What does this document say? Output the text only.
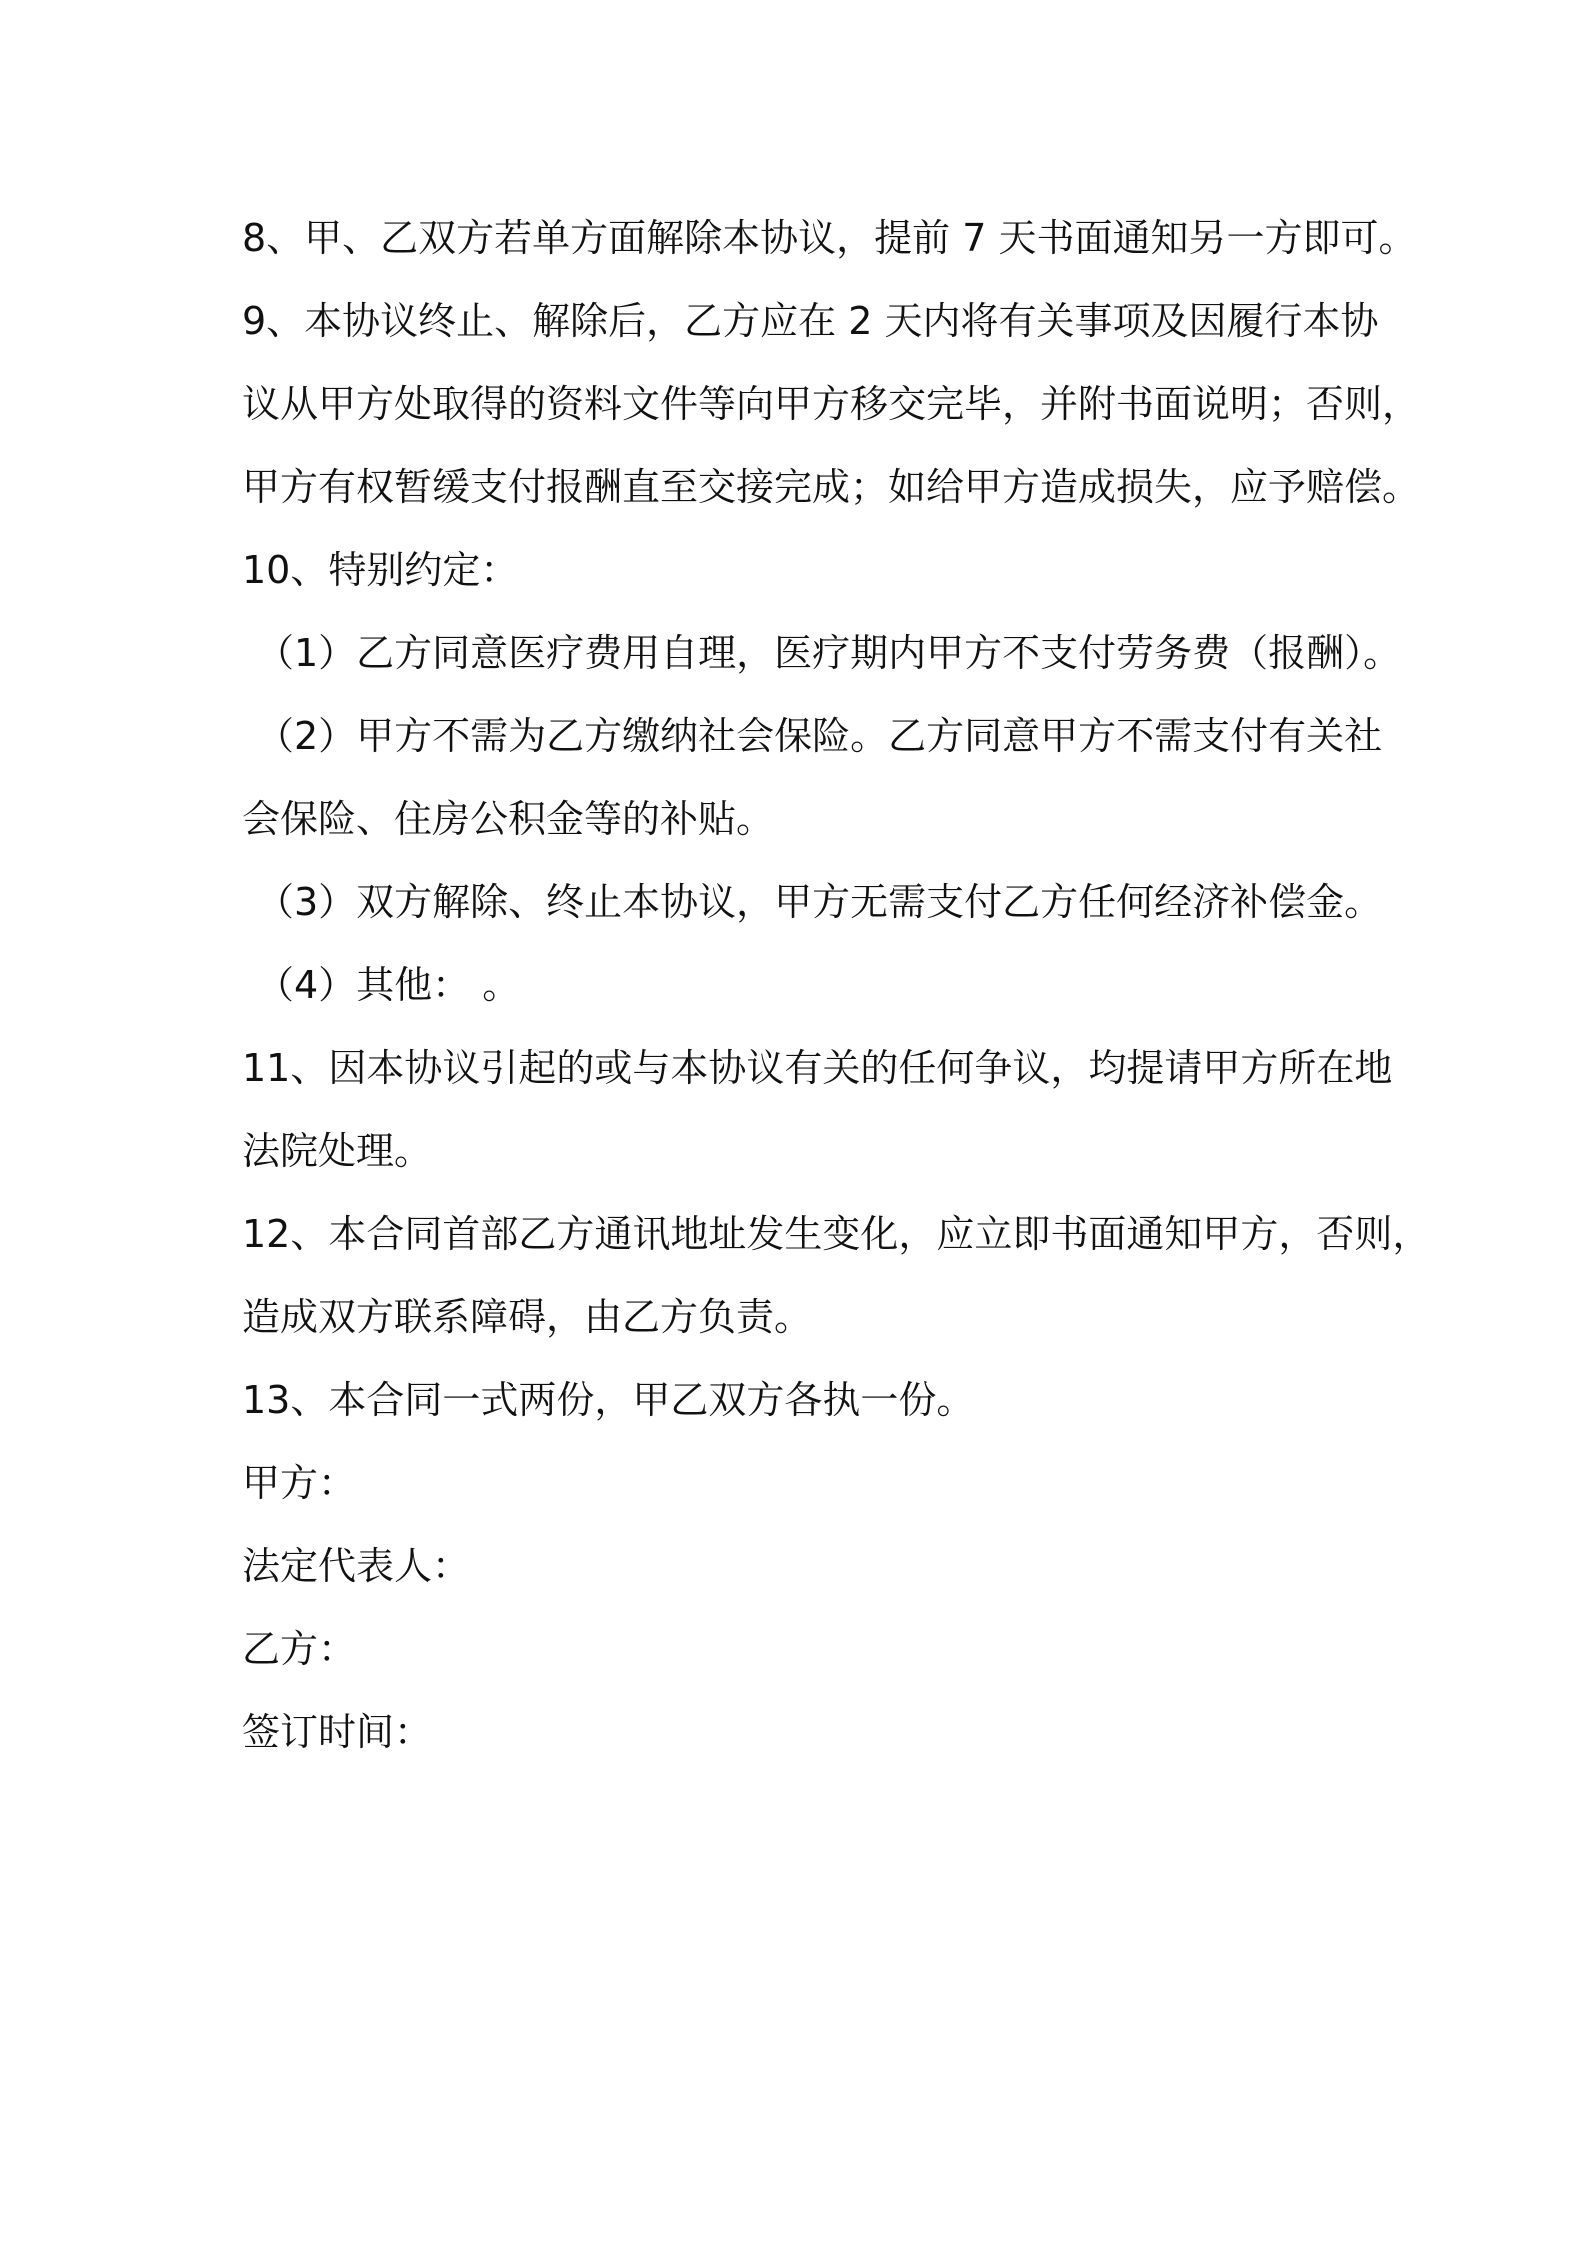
8、甲、乙双方若单方面解除本协议，提前 7 天书面通知另一方即可。

9、本协议终止、解除后，乙方应在 2 天内将有关事项及因履行本协
议从甲方处取得的资料文件等向甲方移交完毕，并附书面说明；否则，
甲方有权暂缓支付报酬直至交接完成；如给甲方造成损失，应予赔偿。

10、特别约定：

（1）乙方同意医疗费用自理，医疗期内甲方不支付劳务费（报酬）。

（2）甲方不需为乙方缴纳社会保险。乙方同意甲方不需支付有关社
会保险、住房公积金等的补贴。

（3）双方解除、终止本协议，甲方无需支付乙方任何经济补偿金。

（4）其他： 。

11、因本协议引起的或与本协议有关的任何争议，均提请甲方所在地
法院处理。

12、本合同首部乙方通讯地址发生变化，应立即书面通知甲方，否则，
造成双方联系障碍，由乙方负责。

13、本合同一式两份，甲乙双方各执一份。

甲方：

法定代表人：

乙方：

签订时间：
